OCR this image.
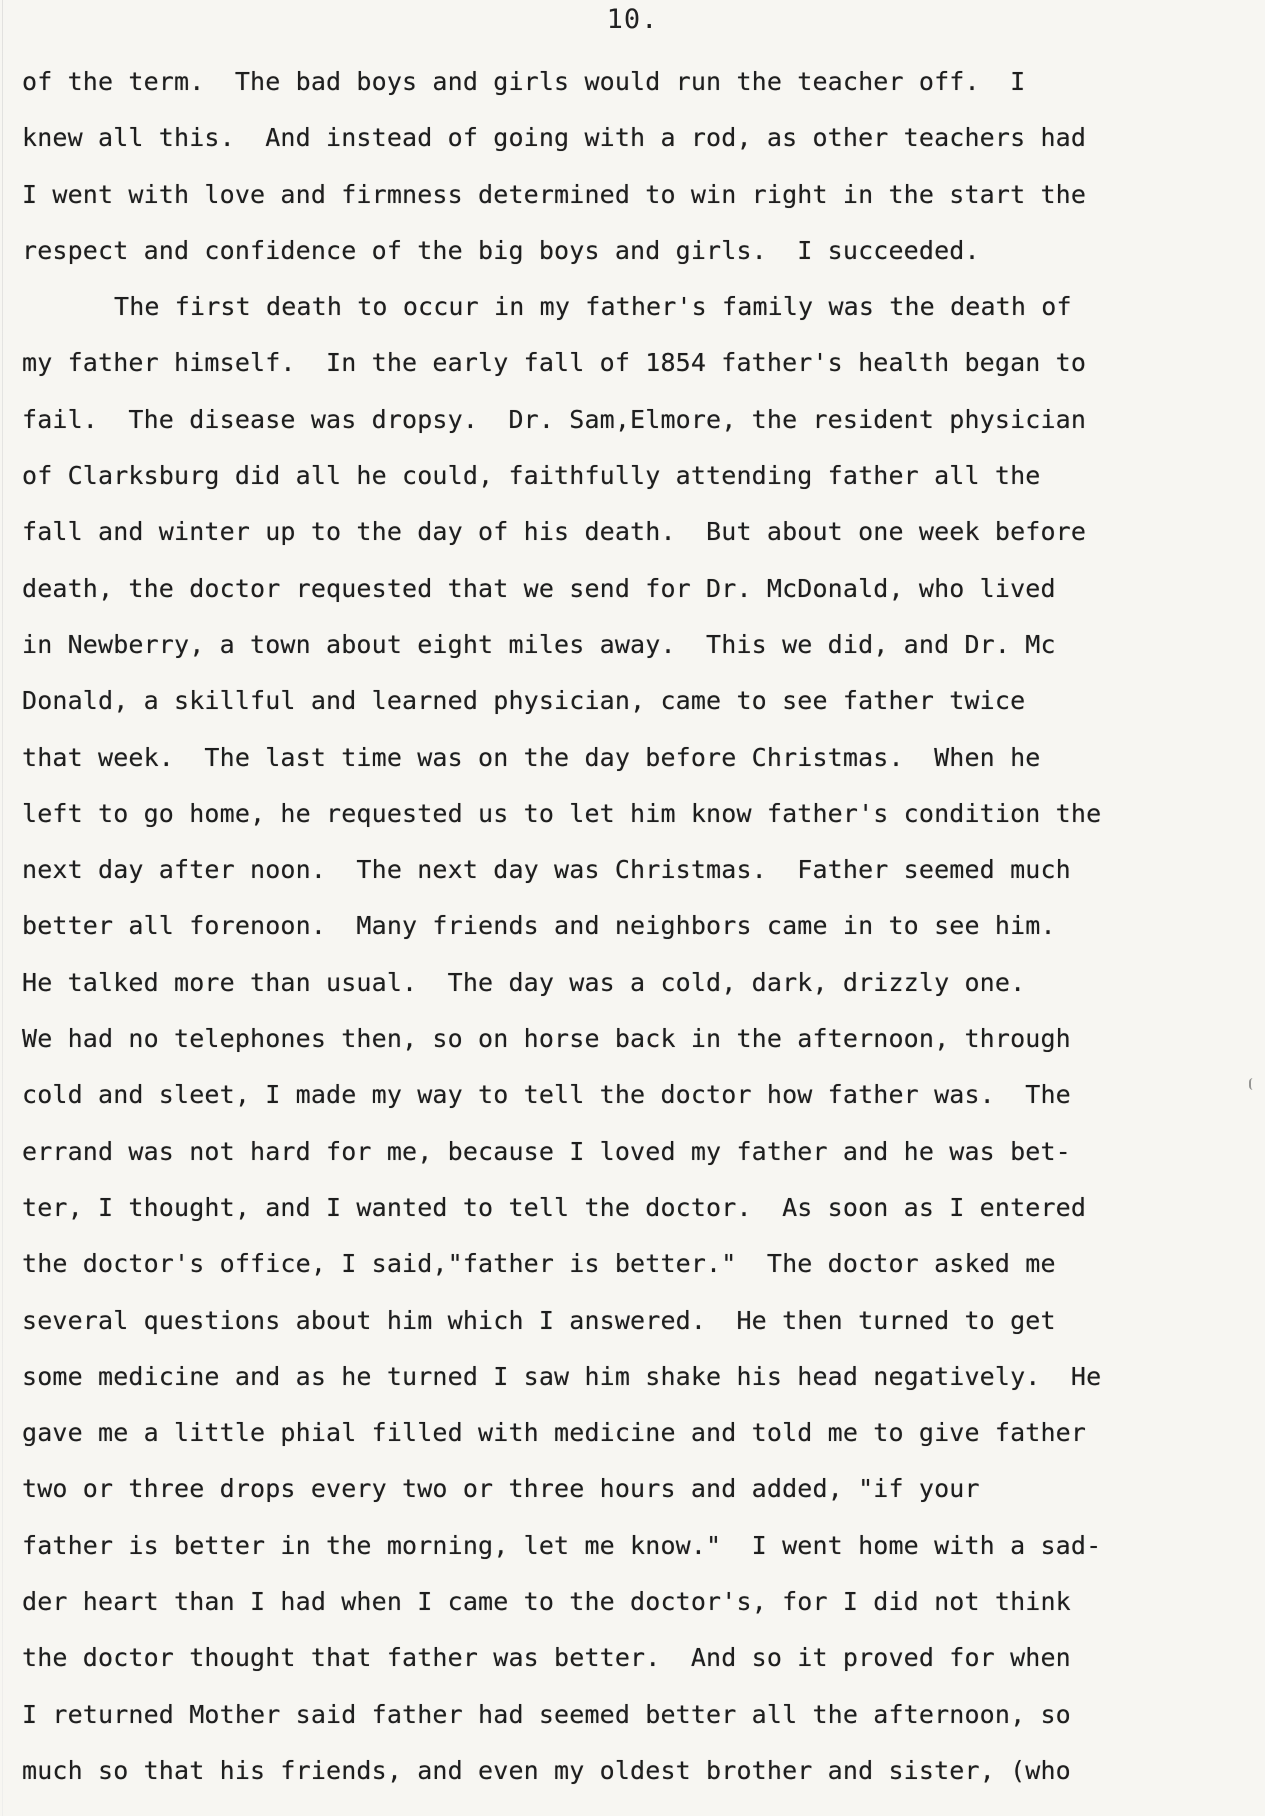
10.
of the term.  The bad boys and girls would run the teacher off.  I
knew all this.  And instead of going with a rod, as other teachers had
I went with love and firmness determined to win right in the start the
respect and confidence of the big boys and girls.  I succeeded.
The first death to occur in my father's family was the death of
my father himself.  In the early fall of 1854 father's health began to
fail.  The disease was dropsy.  Dr. Sam,Elmore, the resident physician
of Clarksburg did all he could, faithfully attending father all the
fall and winter up to the day of his death.  But about one week before
death, the doctor requested that we send for Dr. McDonald, who lived
in Newberry, a town about eight miles away.  This we did, and Dr. Mc
Donald, a skillful and learned physician, came to see father twice
that week.  The last time was on the day before Christmas.  When he
left to go home, he requested us to let him know father's condition the
next day after noon.  The next day was Christmas.  Father seemed much
better all forenoon.  Many friends and neighbors came in to see him.
He talked more than usual.  The day was a cold, dark, drizzly one.
We had no telephones then, so on horse back in the afternoon, through
cold and sleet, I made my way to tell the doctor how father was.  The
errand was not hard for me, because I loved my father and he was bet-
ter, I thought, and I wanted to tell the doctor.  As soon as I entered
the doctor's office, I said,"father is better."  The doctor asked me
several questions about him which I answered.  He then turned to get
some medicine and as he turned I saw him shake his head negatively.  He
gave me a little phial filled with medicine and told me to give father
two or three drops every two or three hours and added, "if your
father is better in the morning, let me know."  I went home with a sad-
der heart than I had when I came to the doctor's, for I did not think
the doctor thought that father was better.  And so it proved for when
I returned Mother said father had seemed better all the afternoon, so
much so that his friends, and even my oldest brother and sister, (who
